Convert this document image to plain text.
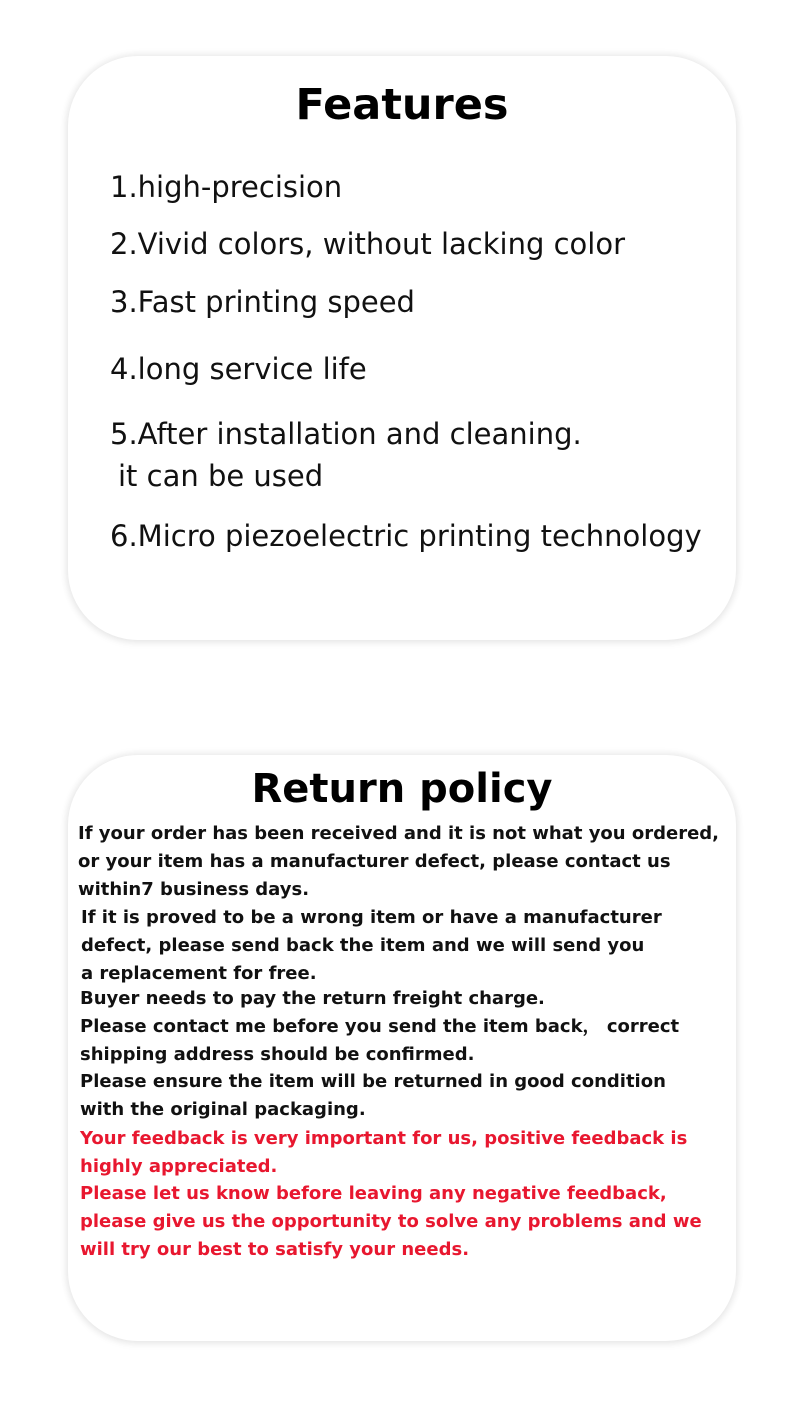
Features

1.high-precision

2.Vivid colors, without lacking color

3.Fast printing speed

4.long service life

5.After installation and cleaning.

it can be used

6.Micro piezoelectric printing technology

Return policy

If your order has been received and it is not what you ordered,

or your item has a manufacturer defect, please contact us

within7 business days.

If it is proved to be a wrong item or have a manufacturer

defect, please send back the item and we will send you

a replacement for free.

Buyer needs to pay the return freight charge.

Please contact me before you send the item back， correct

shipping address should be confirmed.

Please ensure the item will be returned in good condition

with the original packaging.

Your feedback is very important for us, positive feedback is

highly appreciated.

Please let us know before leaving any negative feedback,

please give us the opportunity to solve any problems and we

will try our best to satisfy your needs.
